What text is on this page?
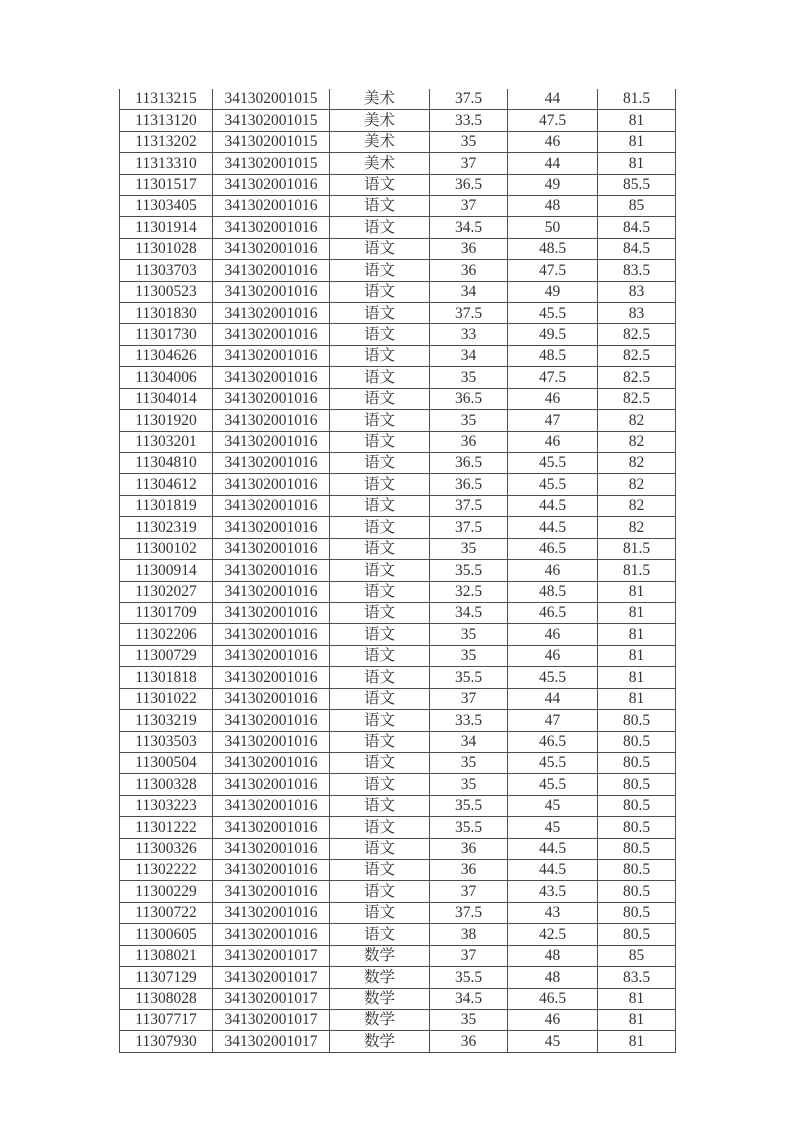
11313215	341302001015	美术	37.5	44	81.5
11313120	341302001015	美术	33.5	47.5	81
11313202	341302001015	美术	35	46	81
11313310	341302001015	美术	37	44	81
11301517	341302001016	语文	36.5	49	85.5
11303405	341302001016	语文	37	48	85
11301914	341302001016	语文	34.5	50	84.5
11301028	341302001016	语文	36	48.5	84.5
11303703	341302001016	语文	36	47.5	83.5
11300523	341302001016	语文	34	49	83
11301830	341302001016	语文	37.5	45.5	83
11301730	341302001016	语文	33	49.5	82.5
11304626	341302001016	语文	34	48.5	82.5
11304006	341302001016	语文	35	47.5	82.5
11304014	341302001016	语文	36.5	46	82.5
11301920	341302001016	语文	35	47	82
11303201	341302001016	语文	36	46	82
11304810	341302001016	语文	36.5	45.5	82
11304612	341302001016	语文	36.5	45.5	82
11301819	341302001016	语文	37.5	44.5	82
11302319	341302001016	语文	37.5	44.5	82
11300102	341302001016	语文	35	46.5	81.5
11300914	341302001016	语文	35.5	46	81.5
11302027	341302001016	语文	32.5	48.5	81
11301709	341302001016	语文	34.5	46.5	81
11302206	341302001016	语文	35	46	81
11300729	341302001016	语文	35	46	81
11301818	341302001016	语文	35.5	45.5	81
11301022	341302001016	语文	37	44	81
11303219	341302001016	语文	33.5	47	80.5
11303503	341302001016	语文	34	46.5	80.5
11300504	341302001016	语文	35	45.5	80.5
11300328	341302001016	语文	35	45.5	80.5
11303223	341302001016	语文	35.5	45	80.5
11301222	341302001016	语文	35.5	45	80.5
11300326	341302001016	语文	36	44.5	80.5
11302222	341302001016	语文	36	44.5	80.5
11300229	341302001016	语文	37	43.5	80.5
11300722	341302001016	语文	37.5	43	80.5
11300605	341302001016	语文	38	42.5	80.5
11308021	341302001017	数学	37	48	85
11307129	341302001017	数学	35.5	48	83.5
11308028	341302001017	数学	34.5	46.5	81
11307717	341302001017	数学	35	46	81
11307930	341302001017	数学	36	45	81
